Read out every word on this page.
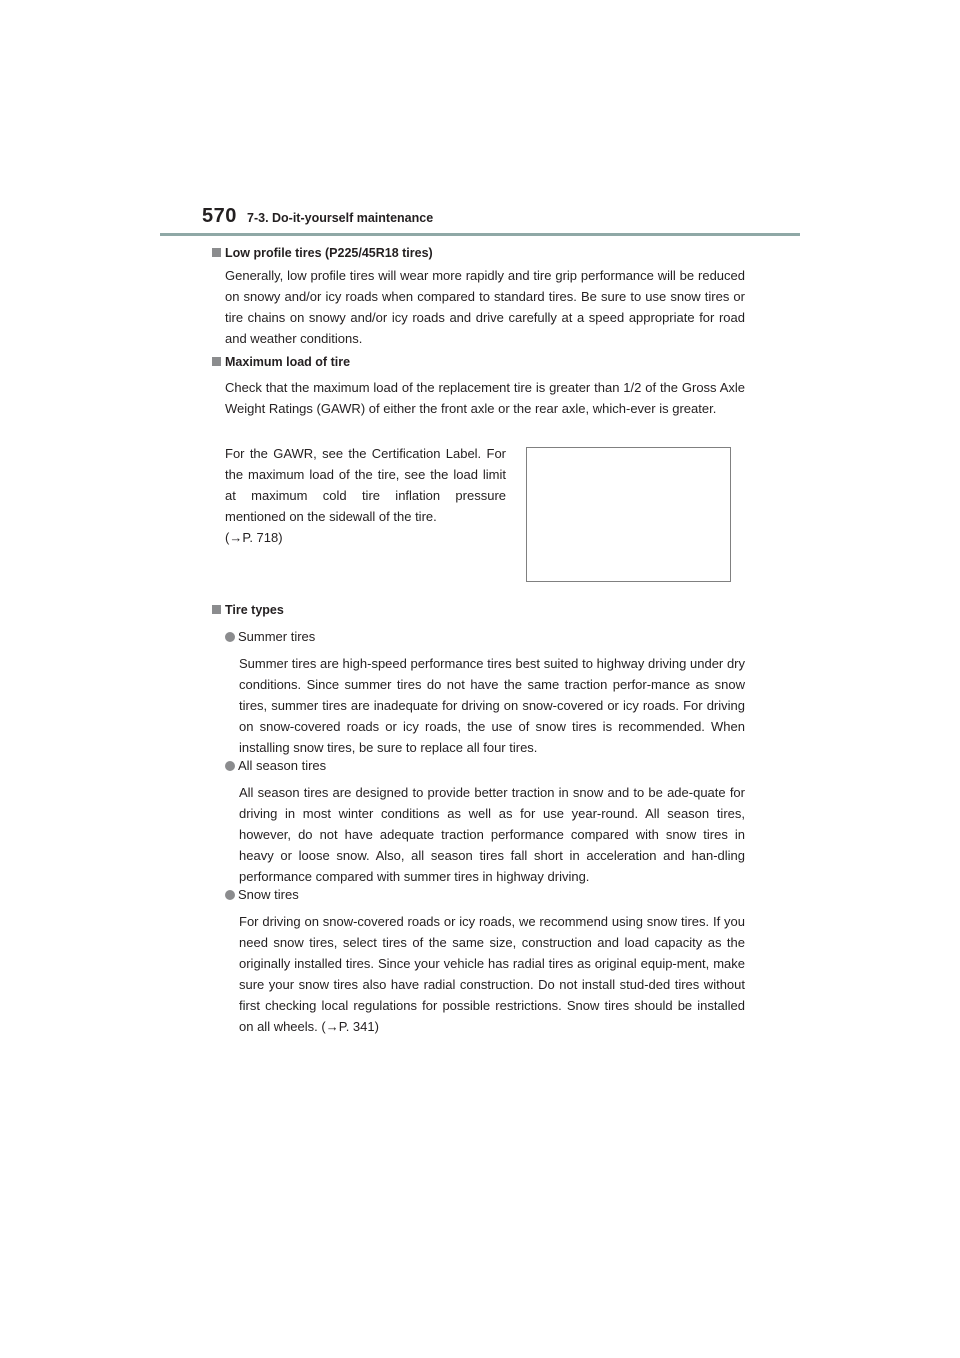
570 7-3. Do-it-yourself maintenance
Low profile tires (P225/45R18 tires)
Generally, low profile tires will wear more rapidly and tire grip performance will be reduced on snowy and/or icy roads when compared to standard tires. Be sure to use snow tires or tire chains on snowy and/or icy roads and drive carefully at a speed appropriate for road and weather conditions.
Maximum load of tire
Check that the maximum load of the replacement tire is greater than 1/2 of the Gross Axle Weight Ratings (GAWR) of either the front axle or the rear axle, which-ever is greater.
For the GAWR, see the Certification Label. For the maximum load of the tire, see the load limit at maximum cold tire inflation pressure mentioned on the sidewall of the tire.
(→P. 718)
Tire types
Summer tires
Summer tires are high-speed performance tires best suited to highway driving under dry conditions. Since summer tires do not have the same traction perfor-mance as snow tires, summer tires are inadequate for driving on snow-covered or icy roads. For driving on snow-covered roads or icy roads, the use of snow tires is recommended. When installing snow tires, be sure to replace all four tires.
All season tires
All season tires are designed to provide better traction in snow and to be ade-quate for driving in most winter conditions as well as for use year-round. All season tires, however, do not have adequate traction performance compared with snow tires in heavy or loose snow. Also, all season tires fall short in acceleration and han-dling performance compared with summer tires in highway driving.
Snow tires
For driving on snow-covered roads or icy roads, we recommend using snow tires. If you need snow tires, select tires of the same size, construction and load capacity as the originally installed tires. Since your vehicle has radial tires as original equip-ment, make sure your snow tires also have radial construction. Do not install stud-ded tires without first checking local regulations for possible restrictions. Snow tires should be installed on all wheels. (→P. 341)
